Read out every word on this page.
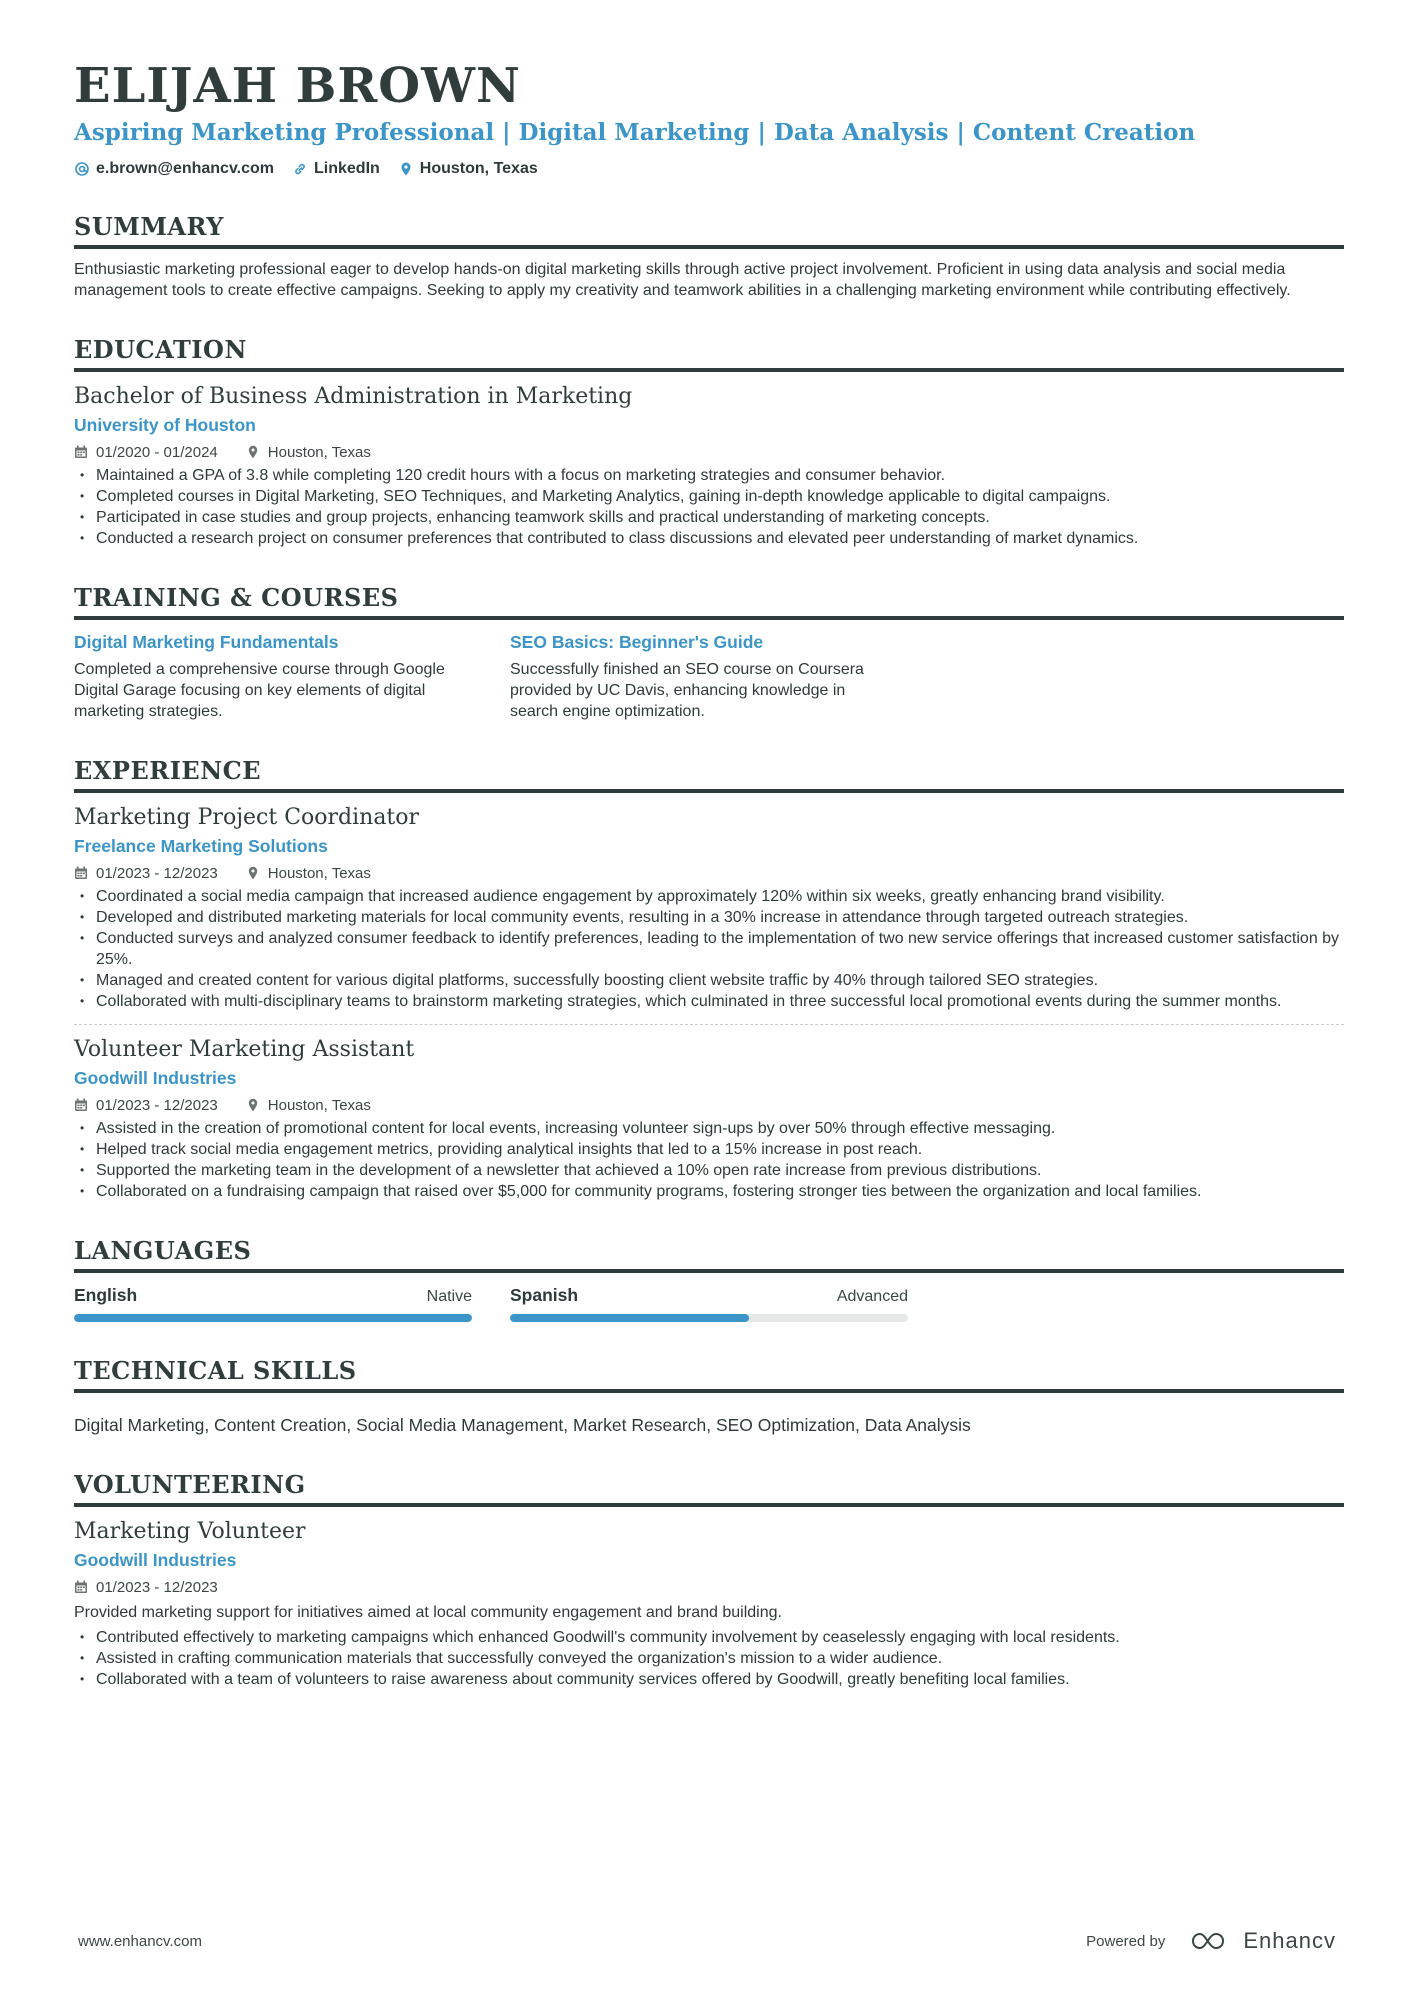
ELIJAH BROWN
Aspiring Marketing Professional | Digital Marketing | Data Analysis | Content Creation
e.brown@enhancv.com	LinkedIn	Houston, Texas
SUMMARY
Enthusiastic marketing professional eager to develop hands-on digital marketing skills through active project involvement. Proficient in using data analysis and social media management tools to create effective campaigns. Seeking to apply my creativity and teamwork abilities in a challenging marketing environment while contributing effectively.
EDUCATION
Bachelor of Business Administration in Marketing
University of Houston
01/2020 - 01/2024	Houston, Texas
• Maintained a GPA of 3.8 while completing 120 credit hours with a focus on marketing strategies and consumer behavior.
• Completed courses in Digital Marketing, SEO Techniques, and Marketing Analytics, gaining in-depth knowledge applicable to digital campaigns.
• Participated in case studies and group projects, enhancing teamwork skills and practical understanding of marketing concepts.
• Conducted a research project on consumer preferences that contributed to class discussions and elevated peer understanding of market dynamics.
TRAINING & COURSES
Digital Marketing Fundamentals
Completed a comprehensive course through Google Digital Garage focusing on key elements of digital marketing strategies.
SEO Basics: Beginner's Guide
Successfully finished an SEO course on Coursera provided by UC Davis, enhancing knowledge in search engine optimization.
EXPERIENCE
Marketing Project Coordinator
Freelance Marketing Solutions
01/2023 - 12/2023	Houston, Texas
• Coordinated a social media campaign that increased audience engagement by approximately 120% within six weeks, greatly enhancing brand visibility.
• Developed and distributed marketing materials for local community events, resulting in a 30% increase in attendance through targeted outreach strategies.
• Conducted surveys and analyzed consumer feedback to identify preferences, leading to the implementation of two new service offerings that increased customer satisfaction by 25%.
• Managed and created content for various digital platforms, successfully boosting client website traffic by 40% through tailored SEO strategies.
• Collaborated with multi-disciplinary teams to brainstorm marketing strategies, which culminated in three successful local promotional events during the summer months.
Volunteer Marketing Assistant
Goodwill Industries
01/2023 - 12/2023	Houston, Texas
• Assisted in the creation of promotional content for local events, increasing volunteer sign-ups by over 50% through effective messaging.
• Helped track social media engagement metrics, providing analytical insights that led to a 15% increase in post reach.
• Supported the marketing team in the development of a newsletter that achieved a 10% open rate increase from previous distributions.
• Collaborated on a fundraising campaign that raised over $5,000 for community programs, fostering stronger ties between the organization and local families.
LANGUAGES
English	Native Spanish	Advanced
TECHNICAL SKILLS
Digital Marketing, Content Creation, Social Media Management, Market Research, SEO Optimization, Data Analysis
VOLUNTEERING
Marketing Volunteer
Goodwill Industries
01/2023 - 12/2023
Provided marketing support for initiatives aimed at local community engagement and brand building.
• Contributed effectively to marketing campaigns which enhanced Goodwill's community involvement by ceaselessly engaging with local residents.
• Assisted in crafting communication materials that successfully conveyed the organization's mission to a wider audience.
• Collaborated with a team of volunteers to raise awareness about community services offered by Goodwill, greatly benefiting local families.
www.enhancv.com	Powered by	Enhancv
